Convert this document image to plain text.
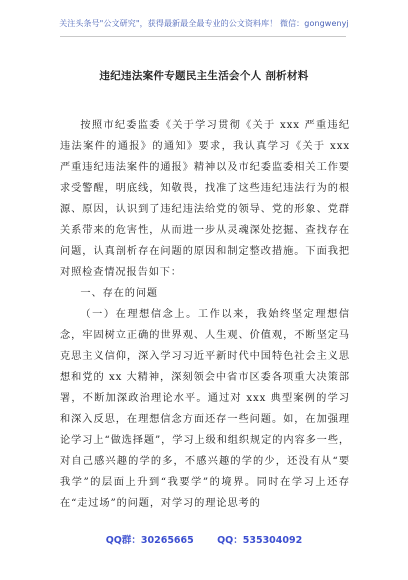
关注头条号"公文研究"，获得最新最全最专业的公文资料库！ 微信：gongwenyj
违纪违法案件专题民主生活会个人 剖析材料

按照市纪委监委《关于学习贯彻《关于 xxx 严重违纪违法案件的通报》的通知》要求，我认真学习《关于 xxx 严重违纪违法案件的通报》精神以及市纪委监委相关工作要求受警醒，明底线，知敬畏，找准了这些违纪违法行为的根源、原因，认识到了违纪违法给党的领导、党的形象、党群关系带来的危害性，从而进一步从灵魂深处挖掘、查找存在问题，认真剖析存在问题的原因和制定整改措施。下面我把对照检查情况报告如下：

一、存在的问题

（一）在理想信念上。工作以来，我始终坚定理想信念，牢固树立正确的世界观、人生观、价值观，不断坚定马克思主义信仰，深入学习习近平新时代中国特色社会主义思想和党的 xx 大精神，深刻领会中省市区委各项重大决策部署，不断加深政治理论水平。通过对 xxx 典型案例的学习和深入反思，在理想信念方面还存一些问题。如，在加强理论学习上“做选择题”，学习上级和组织规定的内容多一些，对自己感兴趣的学的多，不感兴趣的学的少，还没有从“要我学”的层面上升到“我要学”的境界。同时在学习上还存在“走过场”的问题，对学习的理论思考的

QQ群：30265665 QQ：535304092
